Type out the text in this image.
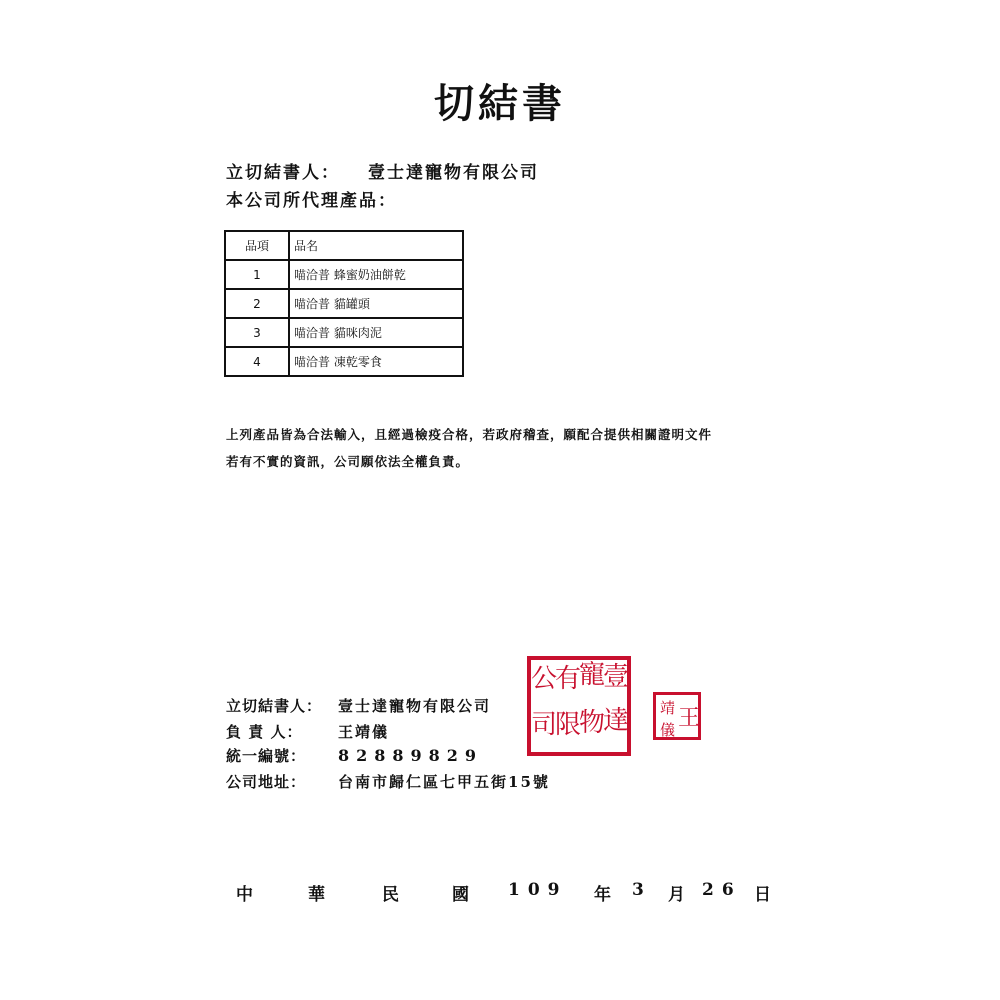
切結書
立切結書人： 壹士達寵物有限公司
本公司所代理產品：
品項	品名
1	喵洽普 蜂蜜奶油餅乾
2	喵洽普 貓罐頭
3	喵洽普 貓咪肉泥
4	喵洽普 凍乾零食
上列產品皆為合法輸入，且經過檢疫合格，若政府稽查，願配合提供相關證明文件
若有不實的資訊，公司願依法全權負責。
立切結書人： 壹士達寵物有限公司
負 責 人： 王靖儀
統一編號： 82889829
公司地址： 台南市歸仁區七甲五街15號
壹
達
寵
物
有
限
公
司	王
靖
儀
中	華	民	國 109 年 3 月 26 日
